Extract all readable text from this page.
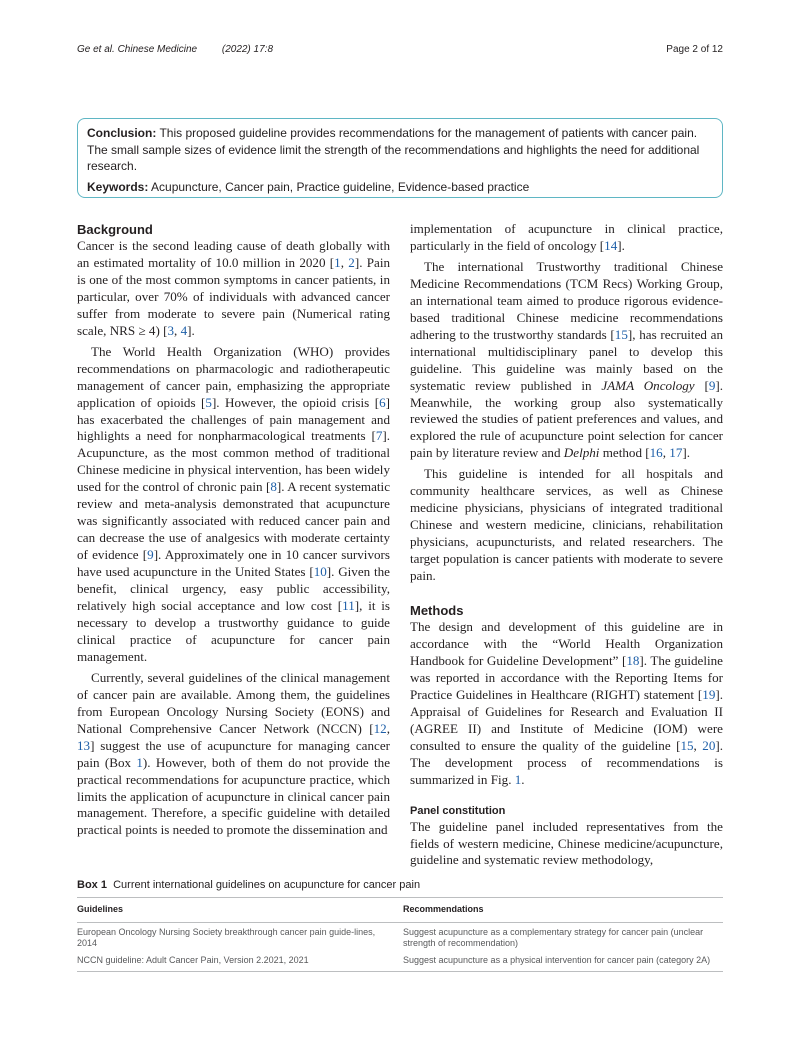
Ge et al. Chinese Medicine (2022) 17:8	Page 2 of 12

Conclusion: This proposed guideline provides recommendations for the management of patients with cancer pain. The small sample sizes of evidence limit the strength of the recommendations and highlights the need for additional research.

Keywords: Acupuncture, Cancer pain, Practice guideline, Evidence-based practice

Background

Cancer is the second leading cause of death globally with an estimated mortality of 10.0 million in 2020 [1, 2]. Pain is one of the most common symptoms in cancer patients, in particular, over 70% of individuals with advanced cancer suffer from moderate to severe pain (Numerical rating scale, NRS ≥ 4) [3, 4].

The World Health Organization (WHO) provides recommendations on pharmacologic and radiotherapeutic management of cancer pain, emphasizing the appropriate application of opioids [5]. However, the opioid crisis [6] has exacerbated the challenges of pain management and highlights a need for nonpharmacological treatments [7]. Acupuncture, as the most common method of traditional Chinese medicine in physical intervention, has been widely used for the control of chronic pain [8]. A recent systematic review and meta-analysis demonstrated that acupuncture was significantly associated with reduced cancer pain and can decrease the use of analgesics with moderate certainty of evidence [9]. Approximately one in 10 cancer survivors have used acupuncture in the United States [10]. Given the benefit, clinical urgency, easy public accessibility, relatively high social acceptance and low cost [11], it is necessary to develop a trustworthy guidance to guide clinical practice of acupuncture for cancer pain management.

Currently, several guidelines of the clinical management of cancer pain are available. Among them, the guidelines from European Oncology Nursing Society (EONS) and National Comprehensive Cancer Network (NCCN) [12, 13] suggest the use of acupuncture for managing cancer pain (Box 1). However, both of them do not provide the practical recommendations for acupuncture practice, which limits the application of acupuncture in clinical cancer pain management. Therefore, a specific guideline with detailed practical points is needed to promote the dissemination and

implementation of acupuncture in clinical practice, particularly in the field of oncology [14].

The international Trustworthy traditional Chinese Medicine Recommendations (TCM Recs) Working Group, an international team aimed to produce rigorous evidence-based traditional Chinese medicine recommendations adhering to the trustworthy standards [15], has recruited an international multidisciplinary panel to develop this guideline. This guideline was mainly based on the systematic review published in JAMA Oncology [9]. Meanwhile, the working group also systematically reviewed the studies of patient preferences and values, and explored the rule of acupuncture point selection for cancer pain by literature review and Delphi method [16, 17].

This guideline is intended for all hospitals and community healthcare services, as well as Chinese medicine physicians, physicians of integrated traditional Chinese and western medicine, clinicians, rehabilitation physicians, acupuncturists, and related researchers. The target population is cancer patients with moderate to severe pain.

Methods

The design and development of this guideline are in accordance with the “World Health Organization Handbook for Guideline Development” [18]. The guideline was reported in accordance with the Reporting Items for Practice Guidelines in Healthcare (RIGHT) statement [19]. Appraisal of Guidelines for Research and Evaluation II (AGREE II) and Institute of Medicine (IOM) were consulted to ensure the quality of the guideline [15, 20]. The development process of recommendations is summarized in Fig. 1.

Panel constitution

The guideline panel included representatives from the fields of western medicine, Chinese medicine/acupuncture, guideline and systematic review methodology,

Box 1 Current international guidelines on acupuncture for cancer pain
Guidelines	Recommendations
European Oncology Nursing Society breakthrough cancer pain guide-lines, 2014	Suggest acupuncture as a complementary strategy for cancer pain (unclear strength of recommendation)
NCCN guideline: Adult Cancer Pain, Version 2.2021, 2021	Suggest acupuncture as a physical intervention for cancer pain (category 2A)
